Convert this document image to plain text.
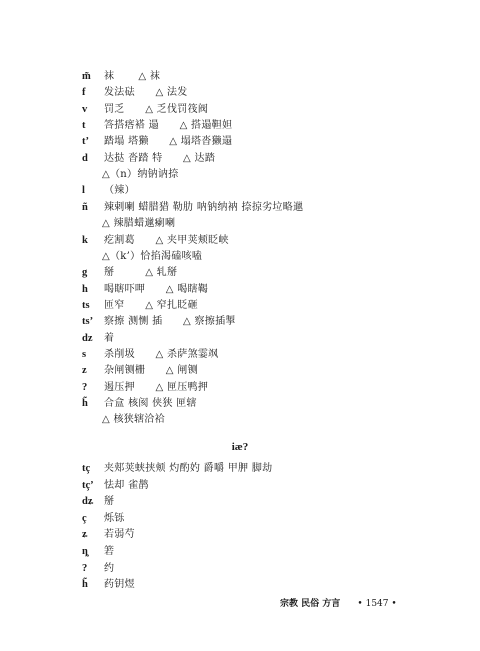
m̃	袜　　 △ 袜
f	发法砝　　△ 法发
v	罚乏　　△ 乏伐罚筏阀
t	答搭瘩褡 遢　　△ 搭遢靼妲
t’	踏塌 塔獭　　△ 塌塔沓獭遢
d	达挞 沓踏 特　　△ 达踏
△（n）纳钠讷捺
l	（辣）
ñ	辣剌喇 蜡腊猎 勒肋 呐钠纳衲 捺掠劣垃略邋
△ 辣腊蜡邋瘌喇
k	疙割葛　　△ 夹甲荚颊眨峡
△（k’）恰掐渴磕咳嗑
g	掰　　　△ 轧掰
h	喝瞎吓呷　　△ 喝瞎鞨
ts	匝窄　　△ 窄扎眨砸
ts’	察擦 测恻 插　　△ 察擦插掣
dz	着
s	杀削圾　　△ 杀萨煞霎飒
z	杂闸铡栅　　△ 闸铡
?	遏压押　　△ 匣压鸭押
h̃	合盒 核阂 侠狭 匣辖
△ 核狭辖洽袷
iæ?
tç	夹郏荚蛱挟颊 灼酌妁 爵嚼 甲胛 脚劫
tç’	怯却 雀鹊
dʑ	掰
ç	烁铄
ʑ	若弱芍
ȵ	箬
?	约
h̃	药钥煜
宗教 民俗 方言 • 1547 •
